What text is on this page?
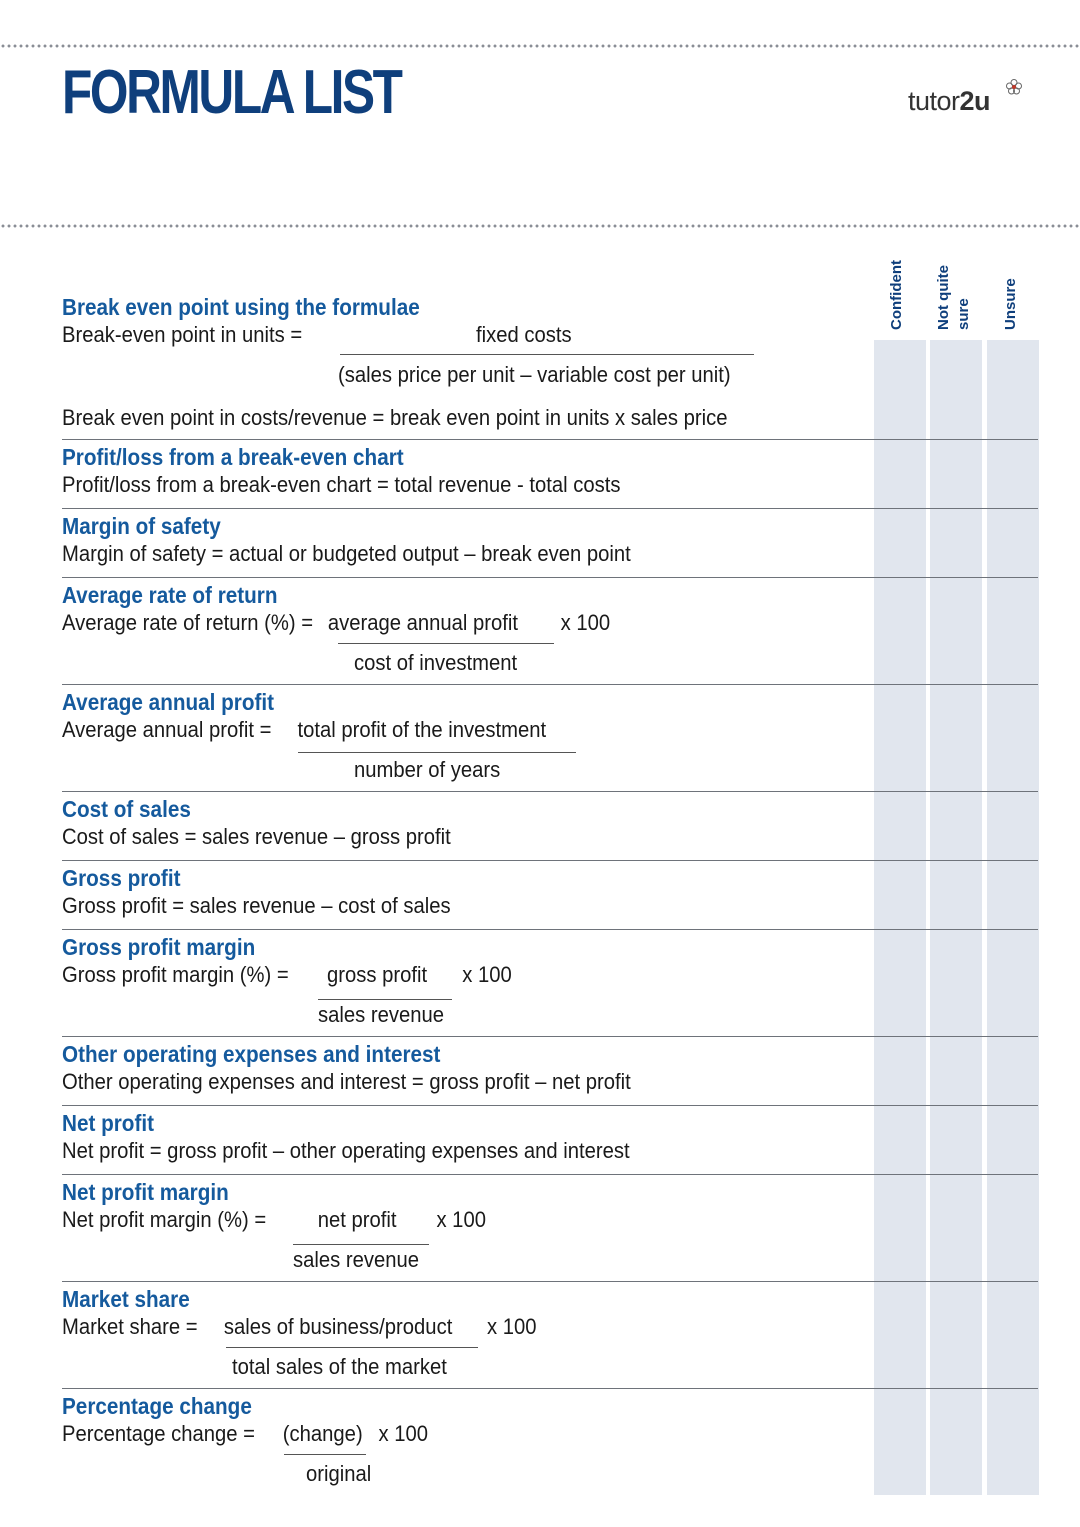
FORMULA LIST	tutor2u
Confident Not quite sure Unsure
Break even point using the formulae
Break-even point in units =	fixed costs
(sales price per unit – variable cost per unit)
Break even point in costs/revenue = break even point in units x sales price
Profit/loss from a break-even chart
Profit/loss from a break-even chart = total revenue - total costs
Margin of safety
Margin of safety = actual or budgeted output – break even point
Average rate of return
Average rate of return (%) = average annual profit x 100
cost of investment
Average annual profit
Average annual profit = total profit of the investment
number of years
Cost of sales
Cost of sales = sales revenue – gross profit
Gross profit
Gross profit = sales revenue – cost of sales
Gross profit margin
Gross profit margin (%) = gross profit x 100
sales revenue
Other operating expenses and interest
Other operating expenses and interest = gross profit – net profit
Net profit
Net profit = gross profit – other operating expenses and interest
Net profit margin
Net profit margin (%) = net profit x 100
sales revenue
Market share
Market share = sales of business/product x 100
total sales of the market
Percentage change
Percentage change = (change) x 100
original
